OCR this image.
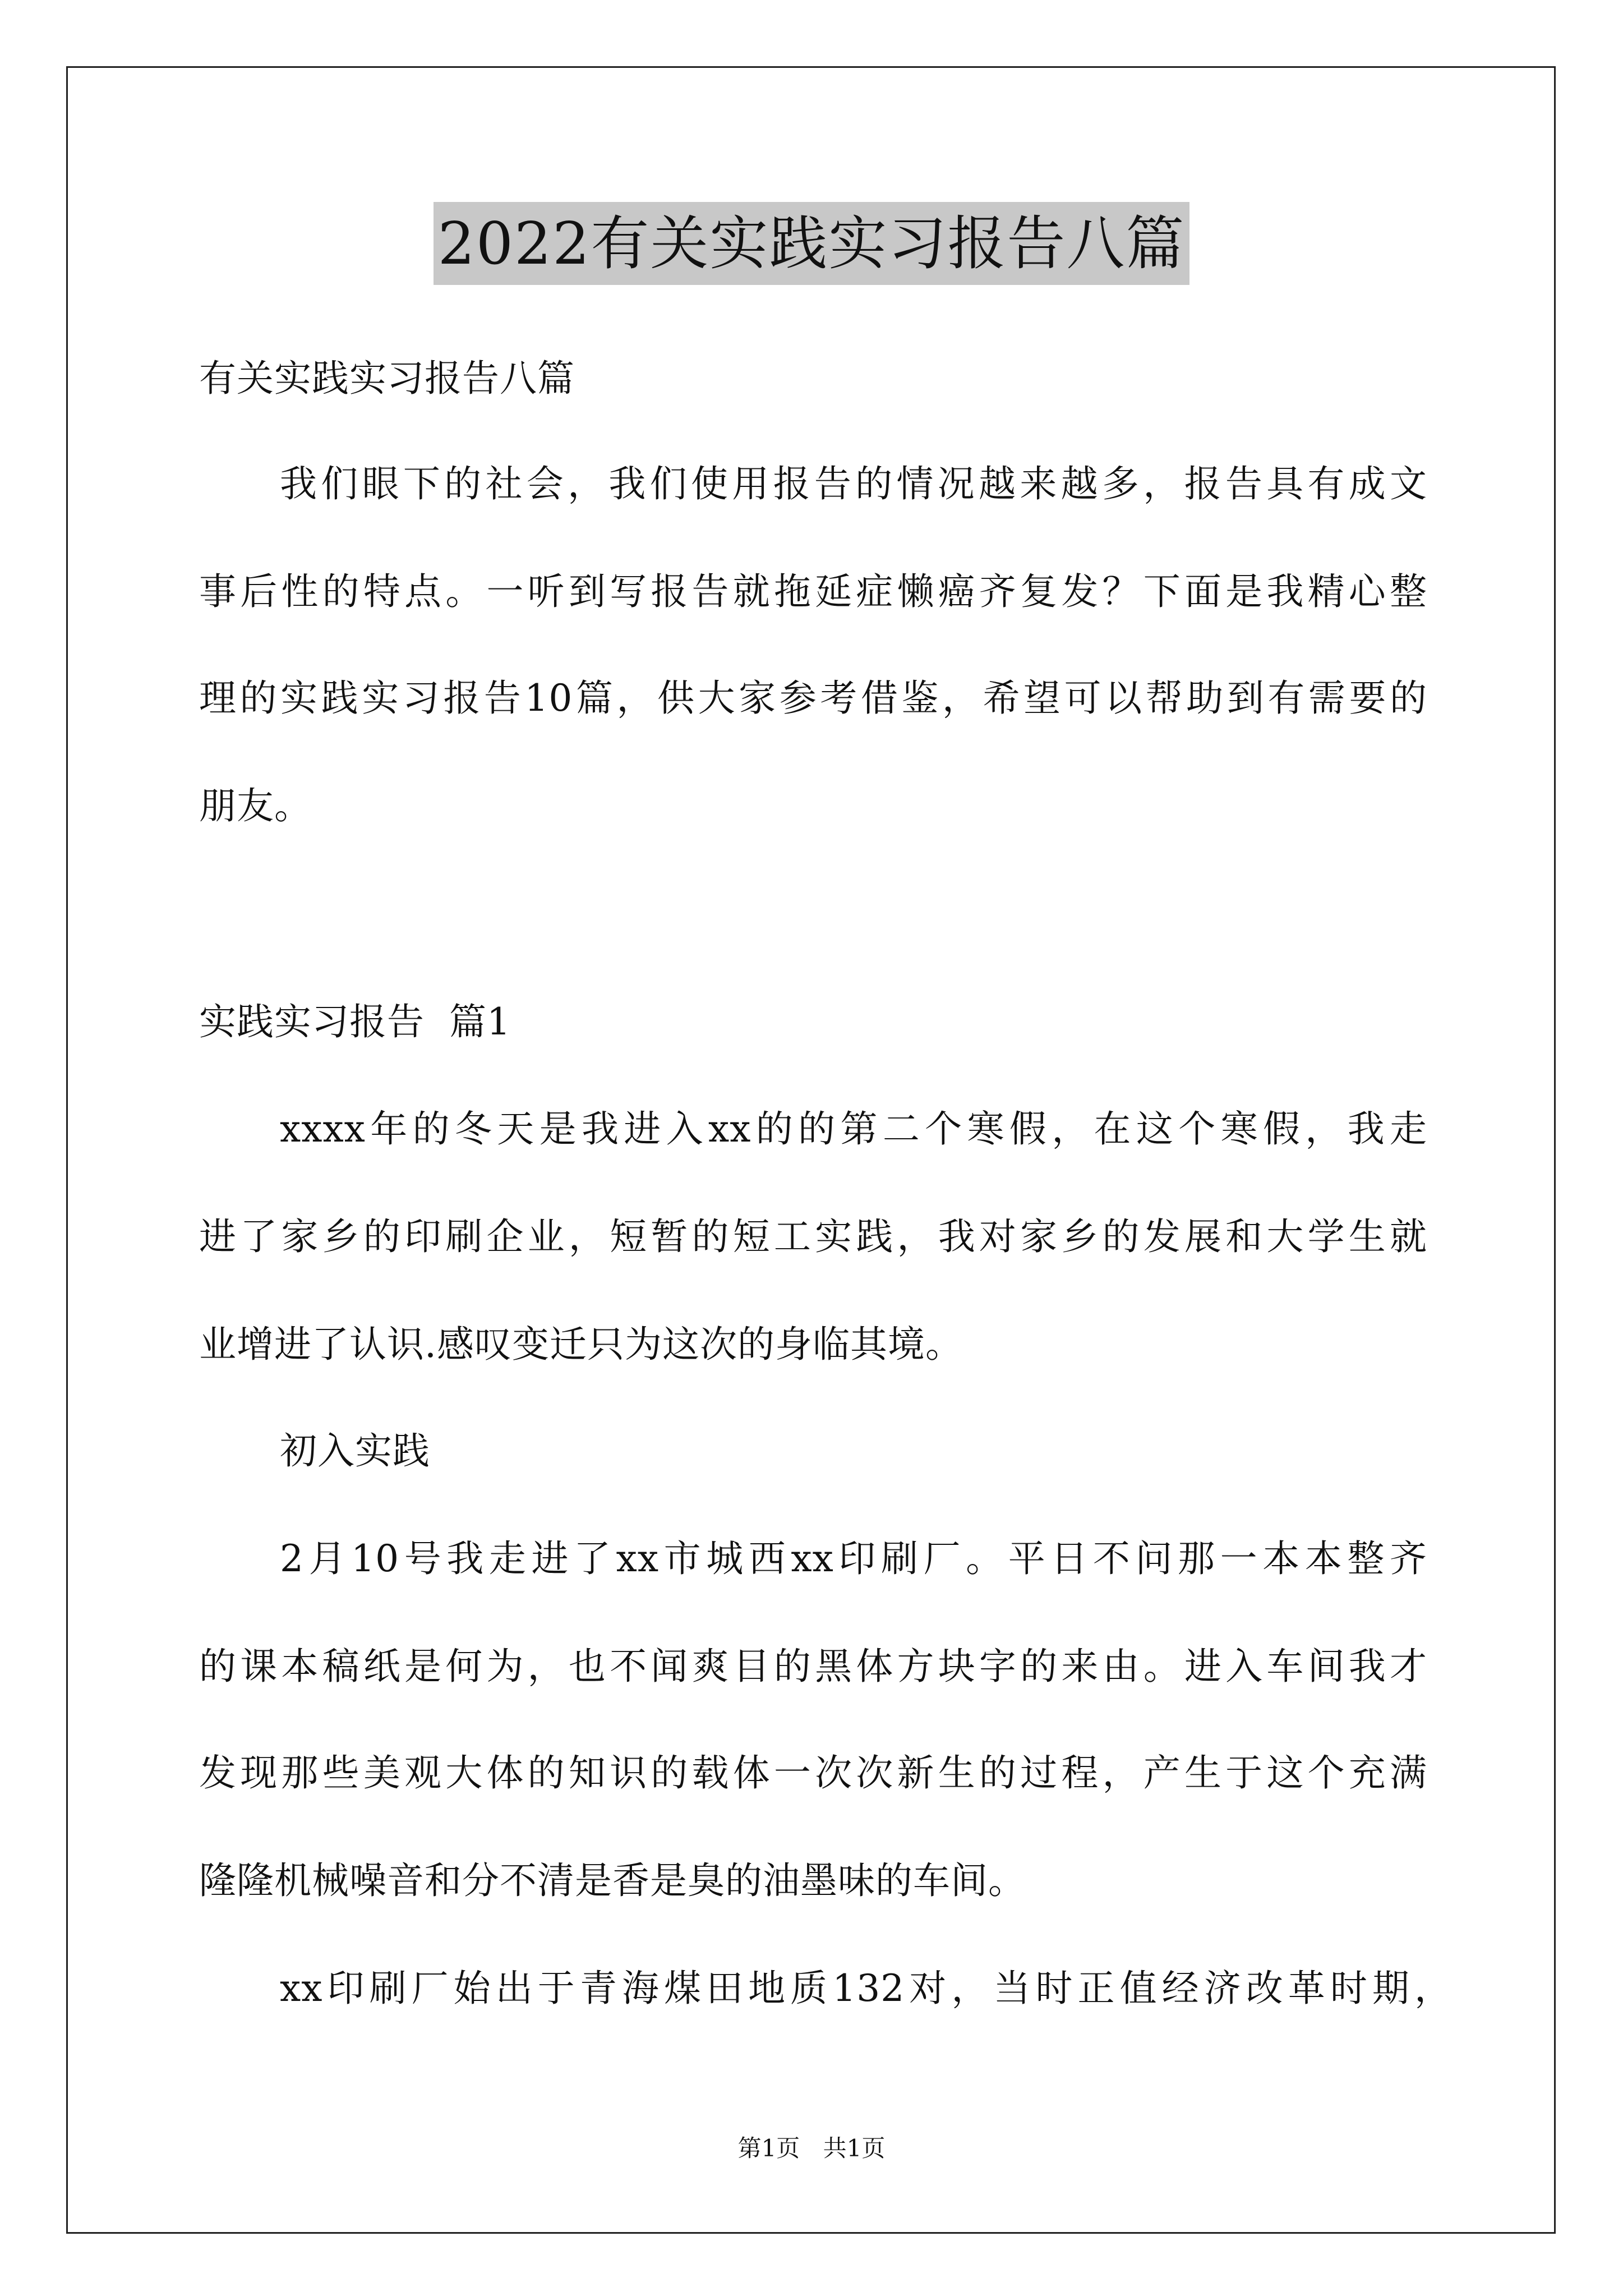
2022有关实践实习报告八篇
有关实践实习报告八篇
我们眼下的社会，我们使用报告的情况越来越多，报告具有成文
事后性的特点。一听到写报告就拖延症懒癌齐复发？下面是我精心整
理的实践实习报告10篇，供大家参考借鉴，希望可以帮助到有需要的
朋友。
实践实习报告  篇1
xxxx年的冬天是我进入xx的的第二个寒假，在这个寒假，我走
进了家乡的印刷企业，短暂的短工实践，我对家乡的发展和大学生就
业增进了认识.感叹变迁只为这次的身临其境。
初入实践
2月10号我走进了xx市城西xx印刷厂。平日不问那一本本整齐
的课本稿纸是何为，也不闻爽目的黑体方块字的来由。进入车间我才
发现那些美观大体的知识的载体一次次新生的过程，产生于这个充满
隆隆机械噪音和分不清是香是臭的油墨味的车间。
xx印刷厂始出于青海煤田地质132对，当时正值经济改革时期，
第1页 共1页
